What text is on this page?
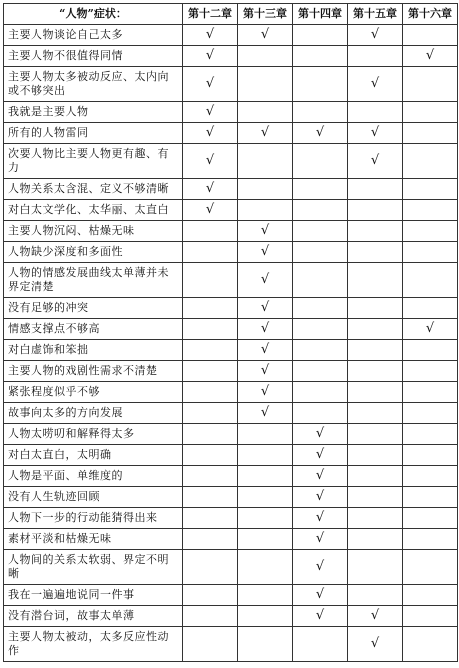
“人物”症状：	第十二章	第十三章	第十四章	第十五章	第十六章
主要人物谈论自己太多	√	√		√	
主要人物不很值得同情	√				√
主要人物太多被动反应、太内向或不够突出	√			√	
我就是主要人物	√				
所有的人物雷同	√	√	√	√	
次要人物比主要人物更有趣、有力	√			√	
人物关系太含混、定义不够清晰	√				
对白太文学化、太华丽、太直白	√				
主要人物沉闷、枯燥无味		√			
人物缺少深度和多面性		√			
人物的情感发展曲线太单薄并未界定清楚		√			
没有足够的冲突		√			
情感支撑点不够高		√			√
对白虚饰和笨拙		√			
主要人物的戏剧性需求不清楚		√			
紧张程度似乎不够		√			
故事向太多的方向发展		√			
人物太唠叨和解释得太多			√		
对白太直白，太明确			√		
人物是平面、单维度的			√		
没有人生轨迹回顾			√		
人物下一步的行动能猜得出来			√		
素材平淡和枯燥无味			√		
人物间的关系太软弱、界定不明晰			√		
我在一遍遍地说同一件事			√		
没有潜台词，故事太单薄			√	√	
主要人物太被动，太多反应性动作				√	
